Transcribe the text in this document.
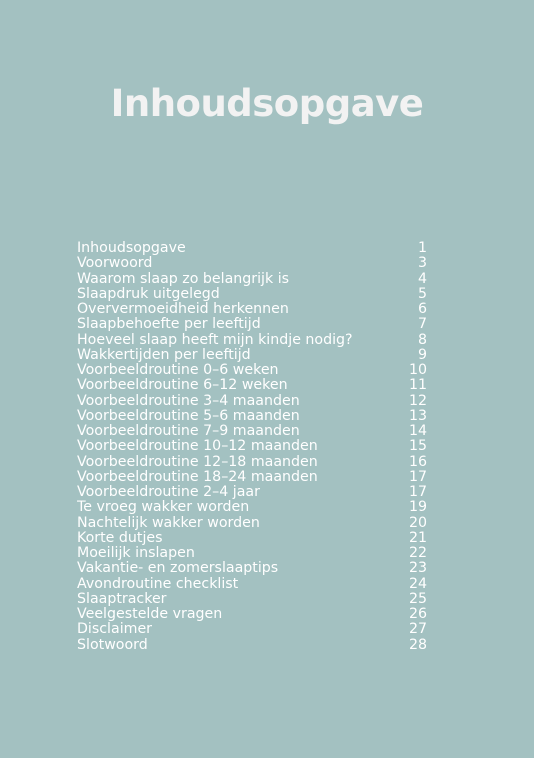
Inhoudsopgave
Inhoudsopgave	1
Voorwoord	3
Waarom slaap zo belangrijk is	4
Slaapdruk uitgelegd	5
Oververmoeidheid herkennen	6
Slaapbehoefte per leeftijd	7
Hoeveel slaap heeft mijn kindje nodig?	8
Wakkertijden per leeftijd	9
Voorbeeldroutine 0–6 weken	10
Voorbeeldroutine 6–12 weken	11
Voorbeeldroutine 3–4 maanden	12
Voorbeeldroutine 5–6 maanden	13
Voorbeeldroutine 7–9 maanden	14
Voorbeeldroutine 10–12 maanden	15
Voorbeeldroutine 12–18 maanden	16
Voorbeeldroutine 18–24 maanden	17
Voorbeeldroutine 2–4 jaar	17
Te vroeg wakker worden	19
Nachtelijk wakker worden	20
Korte dutjes	21
Moeilijk inslapen	22
Vakantie- en zomerslaaptips	23
Avondroutine checklist	24
Slaaptracker	25
Veelgestelde vragen	26
Disclaimer	27
Slotwoord	28
